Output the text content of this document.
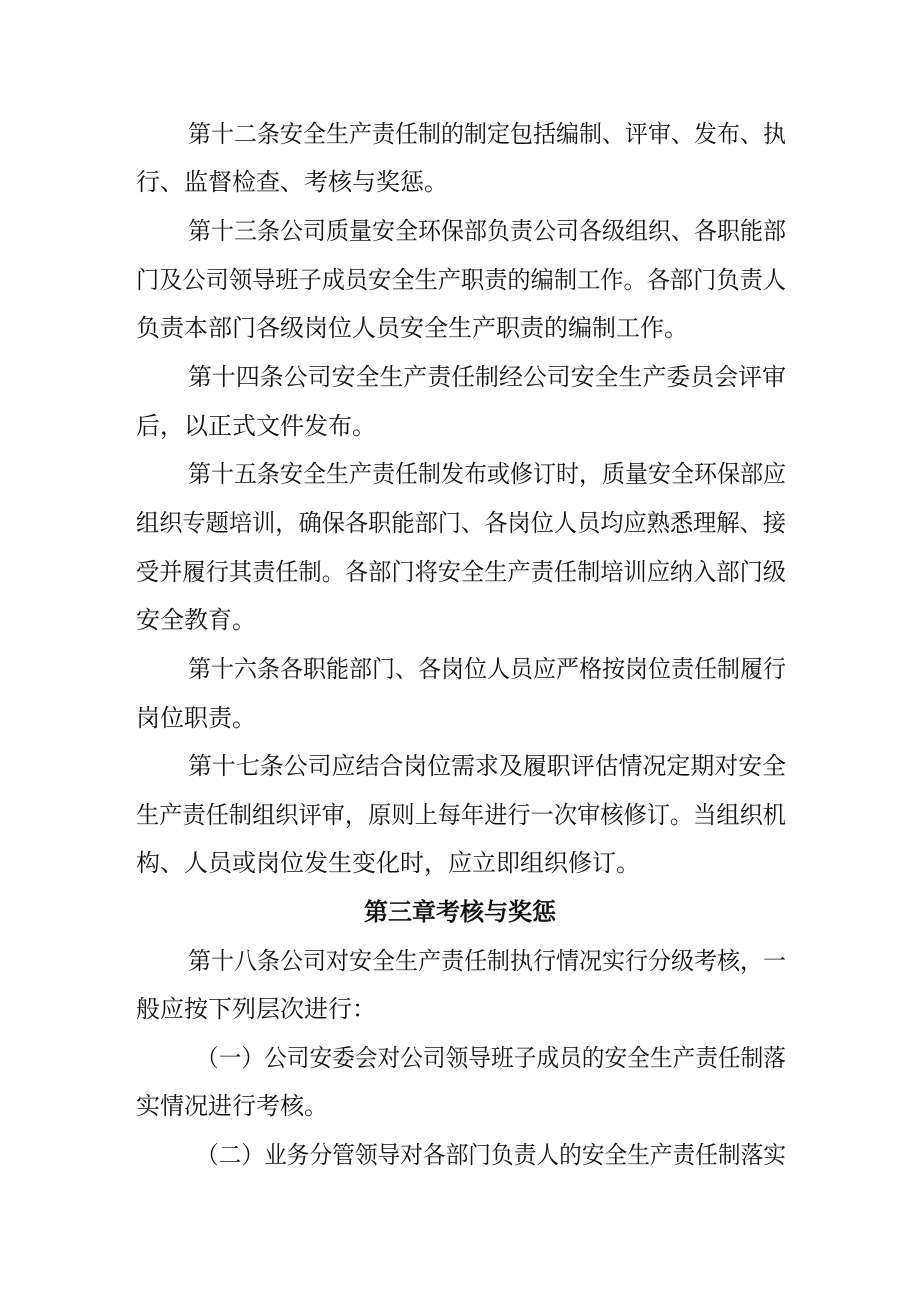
第十二条安全生产责任制的制定包括编制、评审、发布、执

行、监督检查、考核与奖惩。

第十三条公司质量安全环保部负责公司各级组织、各职能部

门及公司领导班子成员安全生产职责的编制工作。各部门负责人

负责本部门各级岗位人员安全生产职责的编制工作。

第十四条公司安全生产责任制经公司安全生产委员会评审

后，以正式文件发布。

第十五条安全生产责任制发布或修订时，质量安全环保部应

组织专题培训，确保各职能部门、各岗位人员均应熟悉理解、接

受并履行其责任制。各部门将安全生产责任制培训应纳入部门级

安全教育。

第十六条各职能部门、各岗位人员应严格按岗位责任制履行

岗位职责。

第十七条公司应结合岗位需求及履职评估情况定期对安全

生产责任制组织评审，原则上每年进行一次审核修订。当组织机

构、人员或岗位发生变化时，应立即组织修订。

第三章考核与奖惩

第十八条公司对安全生产责任制执行情况实行分级考核，一

般应按下列层次进行：

（一）公司安委会对公司领导班子成员的安全生产责任制落

实情况进行考核。

（二）业务分管领导对各部门负责人的安全生产责任制落实
